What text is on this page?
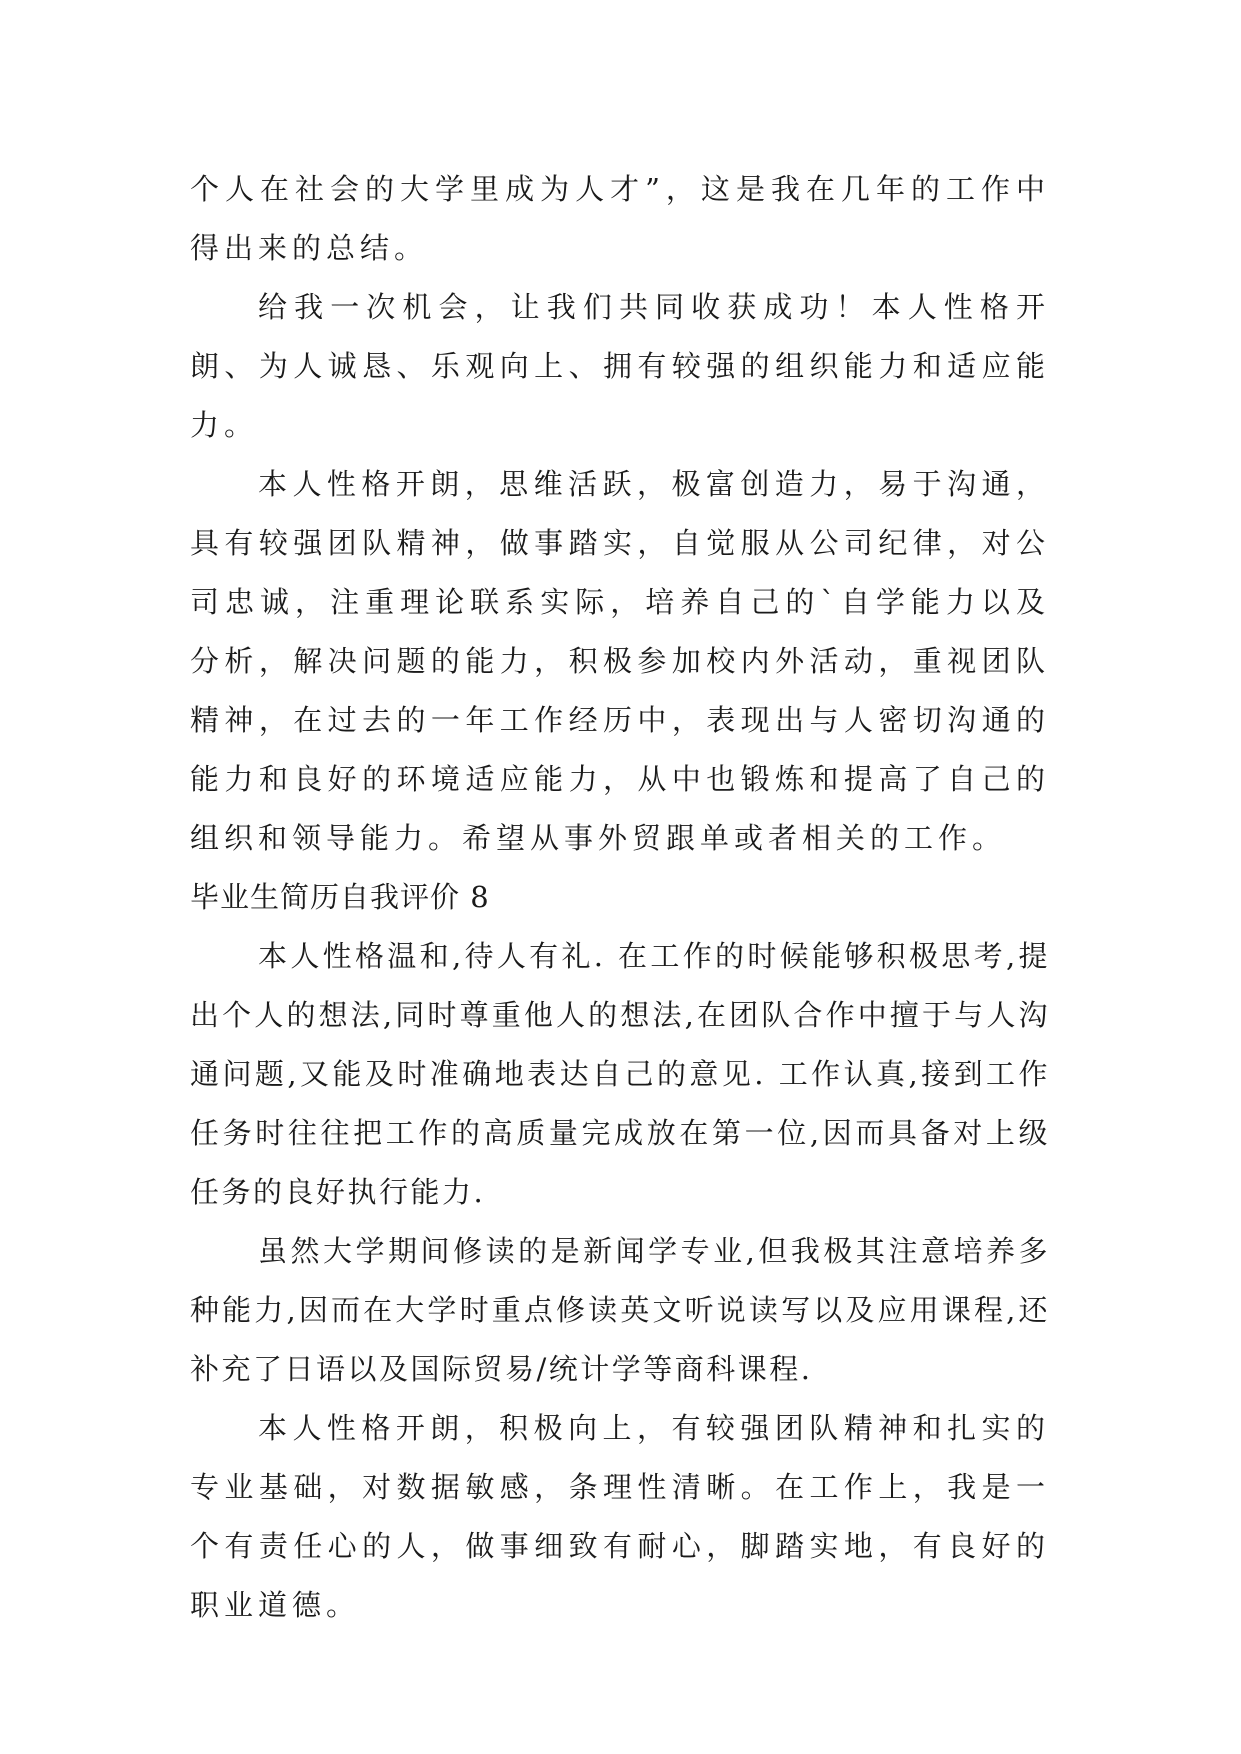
个人在社会的大学里成为人才”，这是我在几年的工作中得出来的总结。

给我一次机会，让我们共同收获成功！本人性格开朗、为人诚恳、乐观向上、拥有较强的组织能力和适应能力。

本人性格开朗，思维活跃，极富创造力，易于沟通，具有较强团队精神，做事踏实，自觉服从公司纪律，对公司忠诚，注重理论联系实际，培养自己的`自学能力以及分析，解决问题的能力，积极参加校内外活动，重视团队精神，在过去的一年工作经历中，表现出与人密切沟通的能力和良好的环境适应能力，从中也锻炼和提高了自己的组织和领导能力。希望从事外贸跟单或者相关的工作。

毕业生简历自我评价 8

本人性格温和,待人有礼. 在工作的时候能够积极思考,提出个人的想法,同时尊重他人的想法,在团队合作中擅于与人沟通问题,又能及时准确地表达自己的意见. 工作认真,接到工作任务时往往把工作的高质量完成放在第一位,因而具备对上级任务的良好执行能力.

虽然大学期间修读的是新闻学专业,但我极其注意培养多种能力,因而在大学时重点修读英文听说读写以及应用课程,还补充了日语以及国际贸易/统计学等商科课程.

本人性格开朗，积极向上，有较强团队精神和扎实的专业基础，对数据敏感，条理性清晰。在工作上，我是一个有责任心的人，做事细致有耐心，脚踏实地，有良好的职业道德。
